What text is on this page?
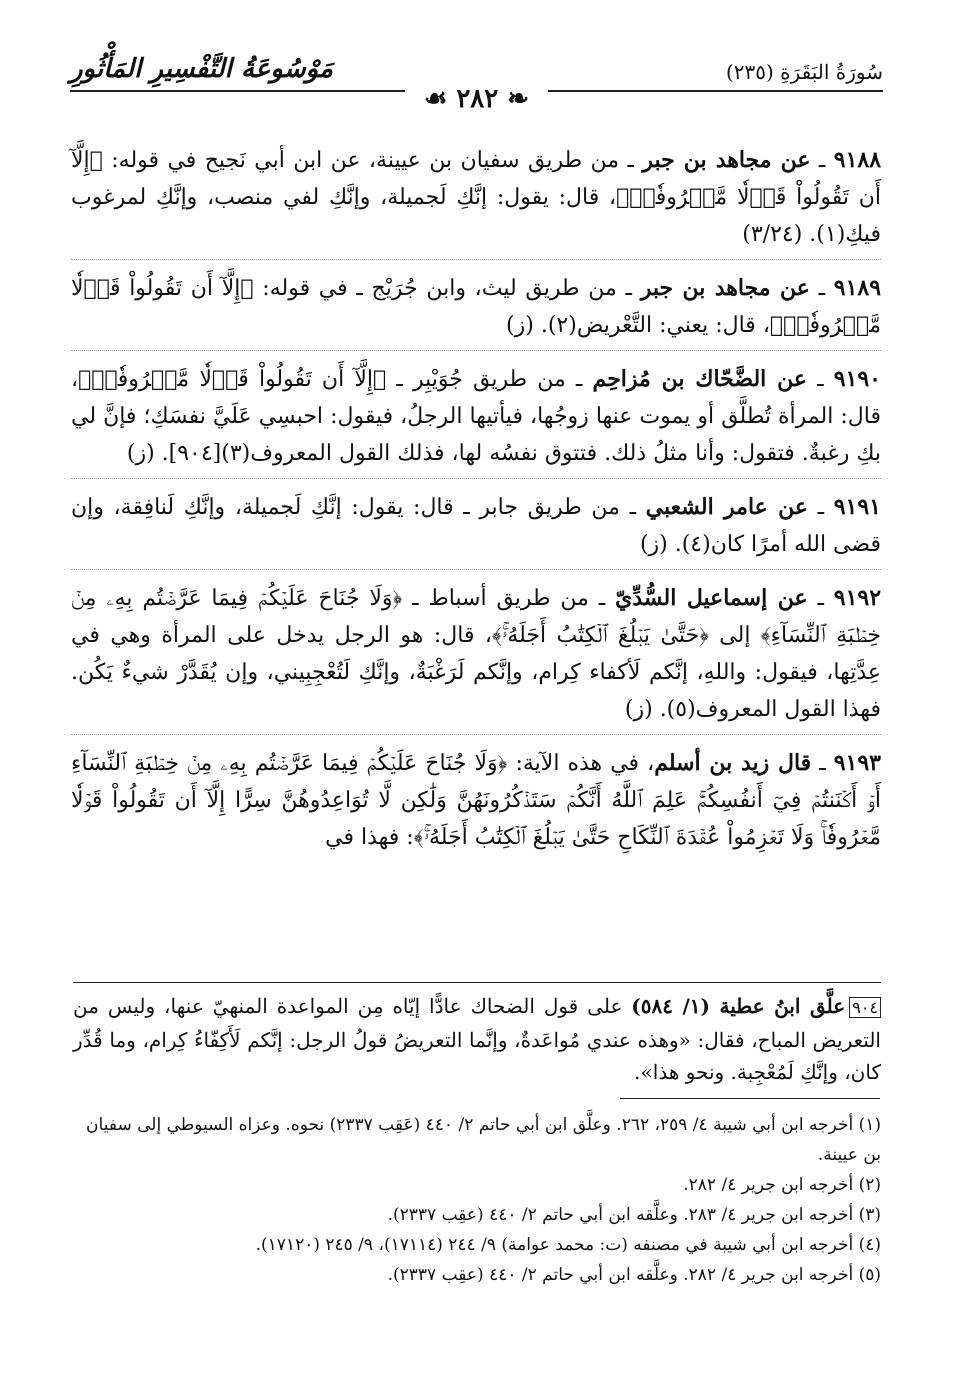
سُورَةُ البَقَرَةِ (٢٣٥)
مَوْسُوعَةُ التَّفْسِيرِ المَأْثُورِ
❧ ٢٨٢ ☙

٩١٨٨ ـ عن مجاهد بن جبر ـ من طريق سفيان بن عيينة، عن ابن أبي نَجيح في قوله: ﴿إِلَّآ أَن تَقُولُواْ قَوۡلٗا مَّعۡرُوفٗاۚ﴾، قال: يقول: إنَّكِ لَجميلة، وإنَّكِ لفي منصب، وإنَّكِ لمرغوب فيكِ(١). (٣/٢٤)

٩١٨٩ ـ عن مجاهد بن جبر ـ من طريق ليث، وابن جُرَيْج ـ في قوله: ﴿إِلَّآ أَن تَقُولُواْ قَوۡلٗا مَّعۡرُوفٗاۚ﴾، قال: يعني: التَّعْريض(٢). (ز)

٩١٩٠ ـ عن الضَّحّاك بن مُزاحِم ـ من طريق جُوَيْبِر ـ ﴿إِلَّآ أَن تَقُولُواْ قَوۡلٗا مَّعۡرُوفٗاۚ﴾، قال: المرأة تُطلَّق أو يموت عنها زوجُها، فيأتيها الرجلُ، فيقول: احبسِي عَلَيَّ نفسَكِ؛ فإنَّ لي بكِ رغبةٌ. فتقول: وأنا مثلُ ذلك. فتتوق نفسُه لها، فذلك القول المعروف(٣)[٩٠٤]. (ز)

٩١٩١ ـ عن عامر الشعبي ـ من طريق جابر ـ قال: يقول: إنَّكِ لَجميلة، وإنَّكِ لَنافِقة، وإن قضى الله أمرًا كان(٤). (ز)

٩١٩٢ ـ عن إسماعيل السُّدِّيّ ـ من طريق أسباط ـ ﴿وَلَا جُنَاحَ عَلَيۡكُمۡ فِيمَا عَرَّضۡتُم بِهِۦ مِنۡ خِطۡبَةِ ٱلنِّسَآءِ﴾ إلى ﴿حَتَّىٰ يَبۡلُغَ ٱلۡكِتَٰبُ أَجَلَهُۥۚ﴾، قال: هو الرجل يدخل على المرأة وهي في عِدَّتِها، فيقول: واللهِ، إنَّكم لَأكفاء كِرام، وإنَّكم لَرَغْبَةٌ، وإنَّكِ لَتُعْجِبِيني، وإن يُقَدَّرْ شيءٌ يَكُن. فهذا القول المعروف(٥). (ز)

٩١٩٣ ـ قال زيد بن أسلم، في هذه الآية: ﴿وَلَا جُنَاحَ عَلَيۡكُمۡ فِيمَا عَرَّضۡتُم بِهِۦ مِنۡ خِطۡبَةِ ٱلنِّسَآءِ أَوۡ أَكۡنَنتُمۡ فِيٓ أَنفُسِكُمۡۚ عَلِمَ ٱللَّهُ أَنَّكُمۡ سَتَذۡكُرُونَهُنَّ وَلَٰكِن لَّا تُوَاعِدُوهُنَّ سِرًّا إِلَّآ أَن تَقُولُواْ قَوۡلٗا مَّعۡرُوفٗاۚ وَلَا تَعۡزِمُواْ عُقۡدَةَ ٱلنِّكَاحِ حَتَّىٰ يَبۡلُغَ ٱلۡكِتَٰبُ أَجَلَهُۥۚ﴾: فهذا في

٩٠٤علَّق ابنُ عطية (١/ ٥٨٤) على قول الضحاك عادًّا إيّاه مِن المواعدة المنهيّ عنها، وليس من التعريض المباح، فقال: «وهذه عندي مُواعَدةٌ، وإنَّما التعريضُ قولُ الرجل: إنَّكم لَأَكِفّاءُ كِرام، وما قُدِّر كان، وإنَّكِ لَمُعْجِبة. ونحو هذا».

(١) أخرجه ابن أبي شيبة ٤/ ٢٥٩، ٢٦٢. وعلَّق ابن أبي حاتم ٢/ ٤٤٠ (عَقِب ٢٣٣٧) نحوه. وعزاه السيوطي إلى سفيان بن عيينة.

(٢) أخرجه ابن جرير ٤/ ٢٨٢.

(٣) أخرجه ابن جرير ٤/ ٢٨٣. وعلَّقه ابن أبي حاتم ٢/ ٤٤٠ (عقِب ٢٣٣٧).

(٤) أخرجه ابن أبي شيبة في مصنفه (ت: محمد عوامة) ٩/ ٢٤٤ (١٧١١٤)، ٩/ ٢٤٥ (١٧١٢٠).

(٥) أخرجه ابن جرير ٤/ ٢٨٢. وعلَّقه ابن أبي حاتم ٢/ ٤٤٠ (عقِب ٢٣٣٧).
